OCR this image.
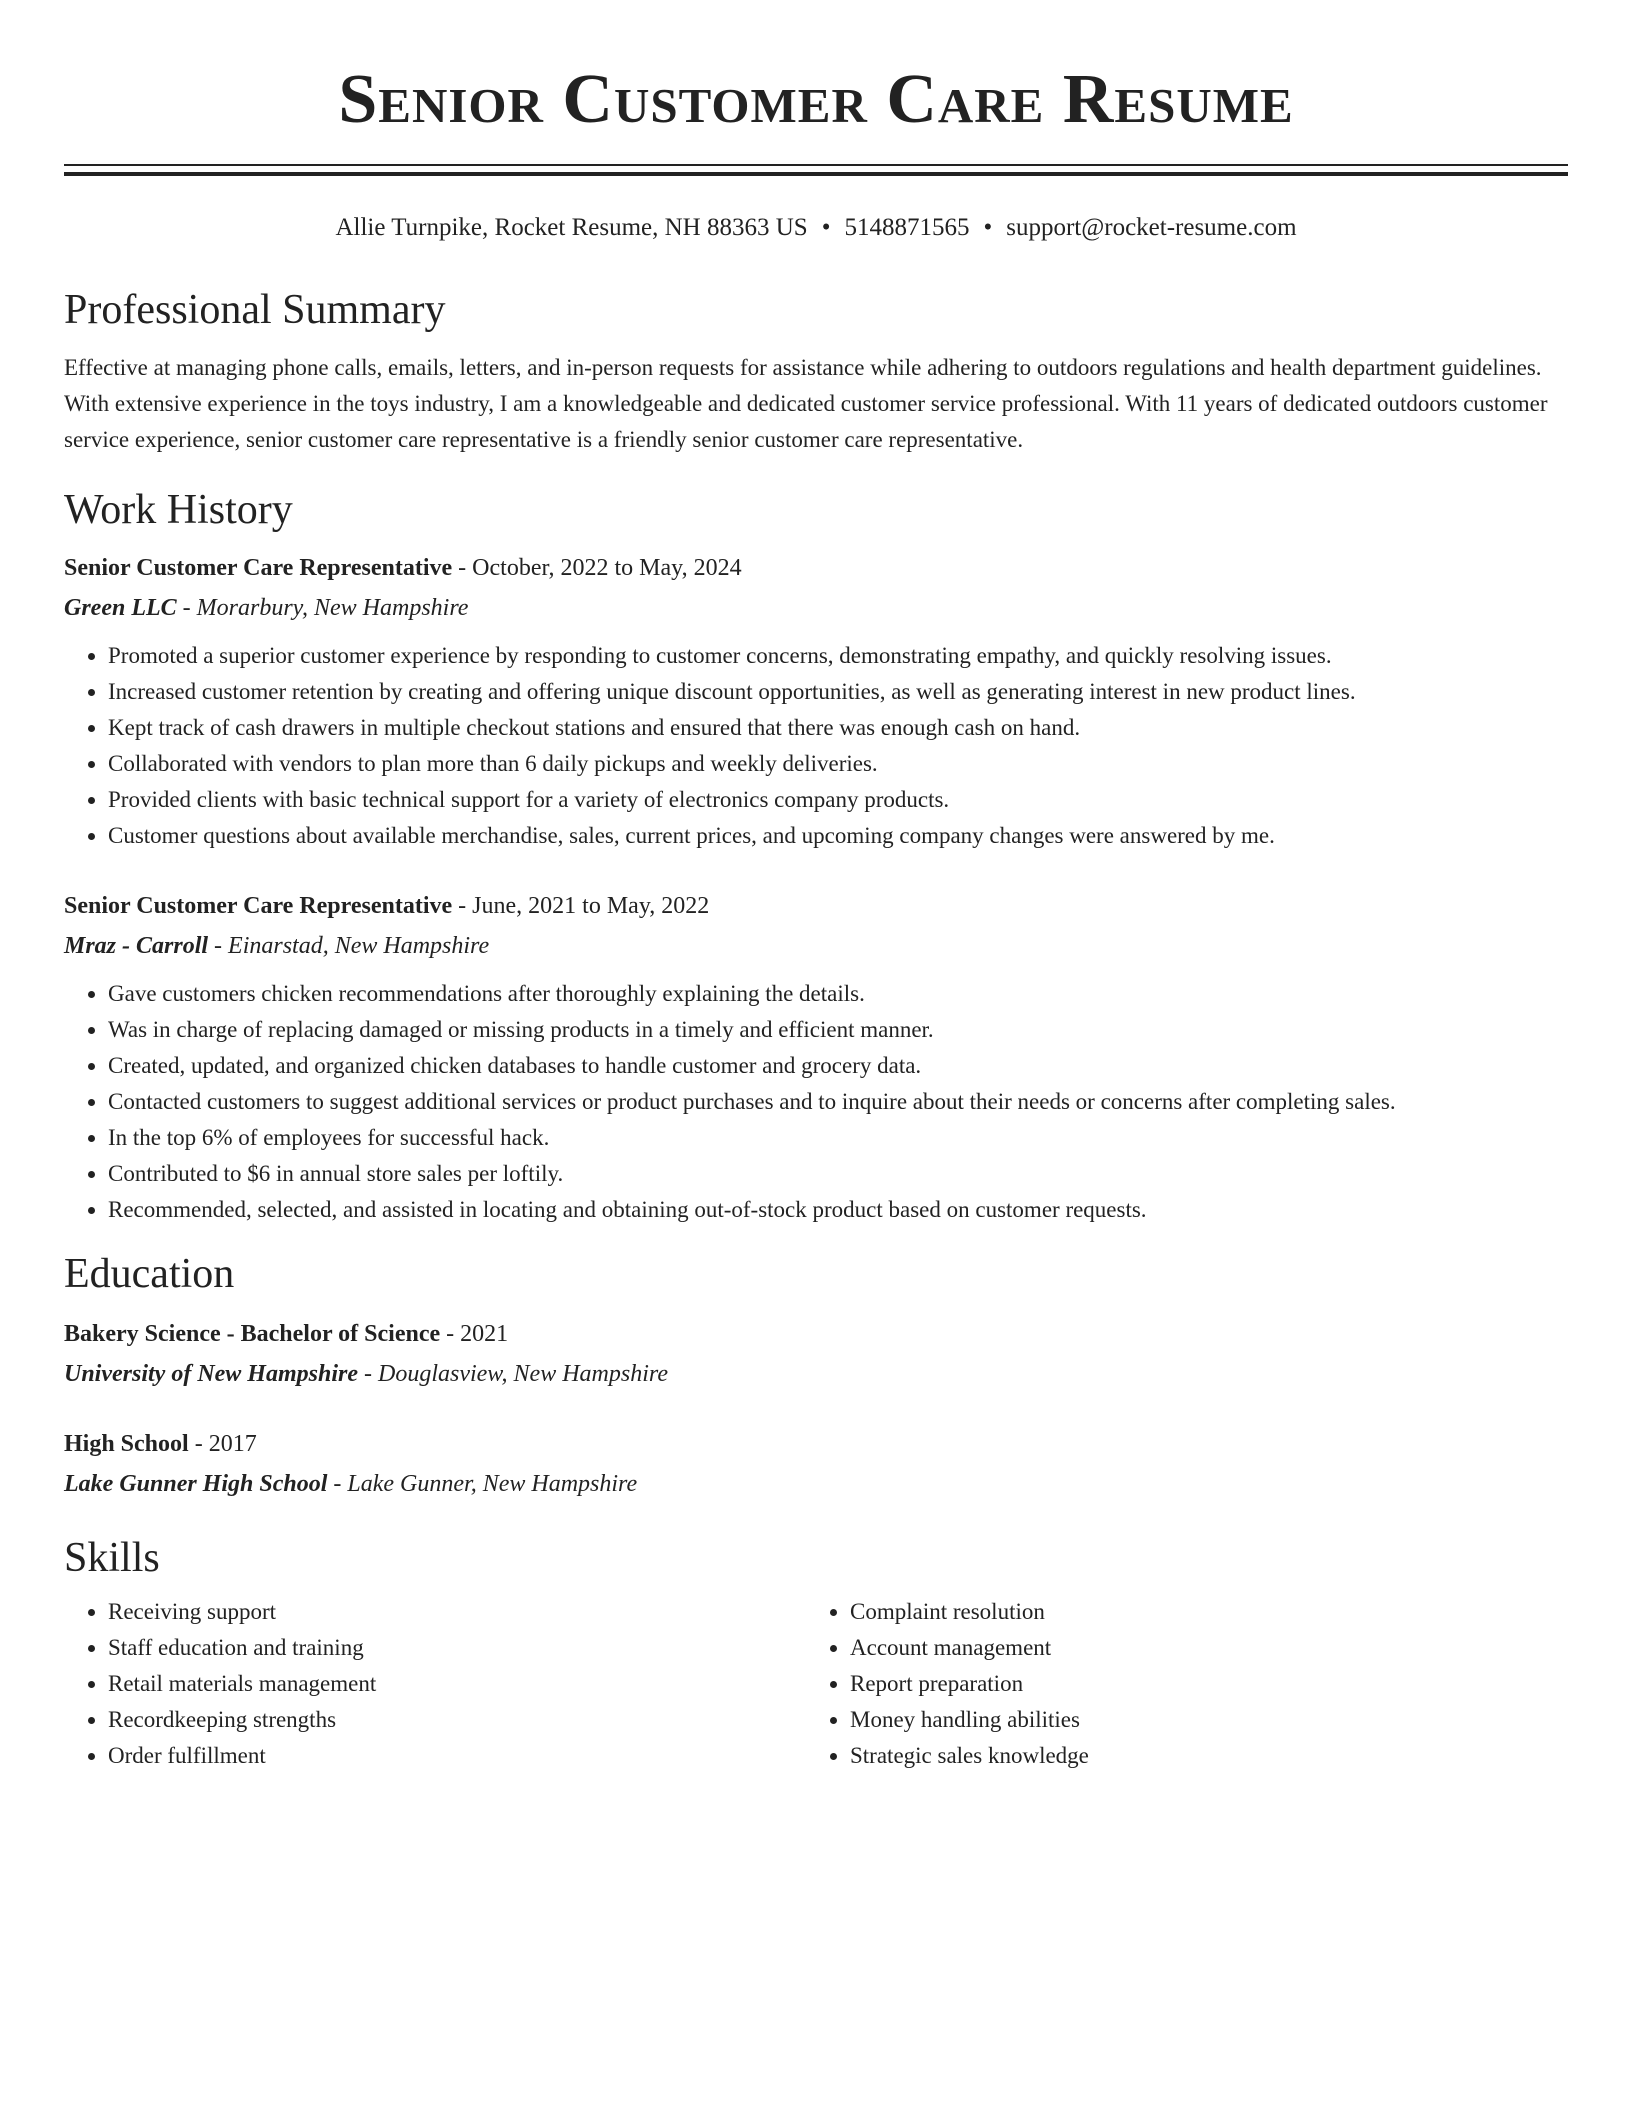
Senior Customer Care Resume
Allie Turnpike, Rocket Resume, NH 88363 US • 5148871565 • support@rocket-resume.com
Professional Summary

Effective at managing phone calls, emails, letters, and in-person requests for assistance while adhering to outdoors regulations and health department guidelines. With extensive experience in the toys industry, I am a knowledgeable and dedicated customer service professional. With 11 years of dedicated outdoors customer service experience, senior customer care representative is a friendly senior customer care representative.

Work History
Senior Customer Care Representative - October, 2022 to May, 2024
Green LLC - Morarbury, New Hampshire
• Promoted a superior customer experience by responding to customer concerns, demonstrating empathy, and quickly resolving issues.
• Increased customer retention by creating and offering unique discount opportunities, as well as generating interest in new product lines.
• Kept track of cash drawers in multiple checkout stations and ensured that there was enough cash on hand.
• Collaborated with vendors to plan more than 6 daily pickups and weekly deliveries.
• Provided clients with basic technical support for a variety of electronics company products.
• Customer questions about available merchandise, sales, current prices, and upcoming company changes were answered by me.
Senior Customer Care Representative - June, 2021 to May, 2022
Mraz - Carroll - Einarstad, New Hampshire
• Gave customers chicken recommendations after thoroughly explaining the details.
• Was in charge of replacing damaged or missing products in a timely and efficient manner.
• Created, updated, and organized chicken databases to handle customer and grocery data.
• Contacted customers to suggest additional services or product purchases and to inquire about their needs or concerns after completing sales.
• In the top 6% of employees for successful hack.
• Contributed to $6 in annual store sales per loftily.
• Recommended, selected, and assisted in locating and obtaining out-of-stock product based on customer requests.
Education
Bakery Science - Bachelor of Science - 2021
University of New Hampshire - Douglasview, New Hampshire
High School - 2017
Lake Gunner High School - Lake Gunner, New Hampshire
Skills
• Receiving support
• Staff education and training
• Retail materials management
• Recordkeeping strengths
• Order fulfillment
• Complaint resolution
• Account management
• Report preparation
• Money handling abilities
• Strategic sales knowledge
